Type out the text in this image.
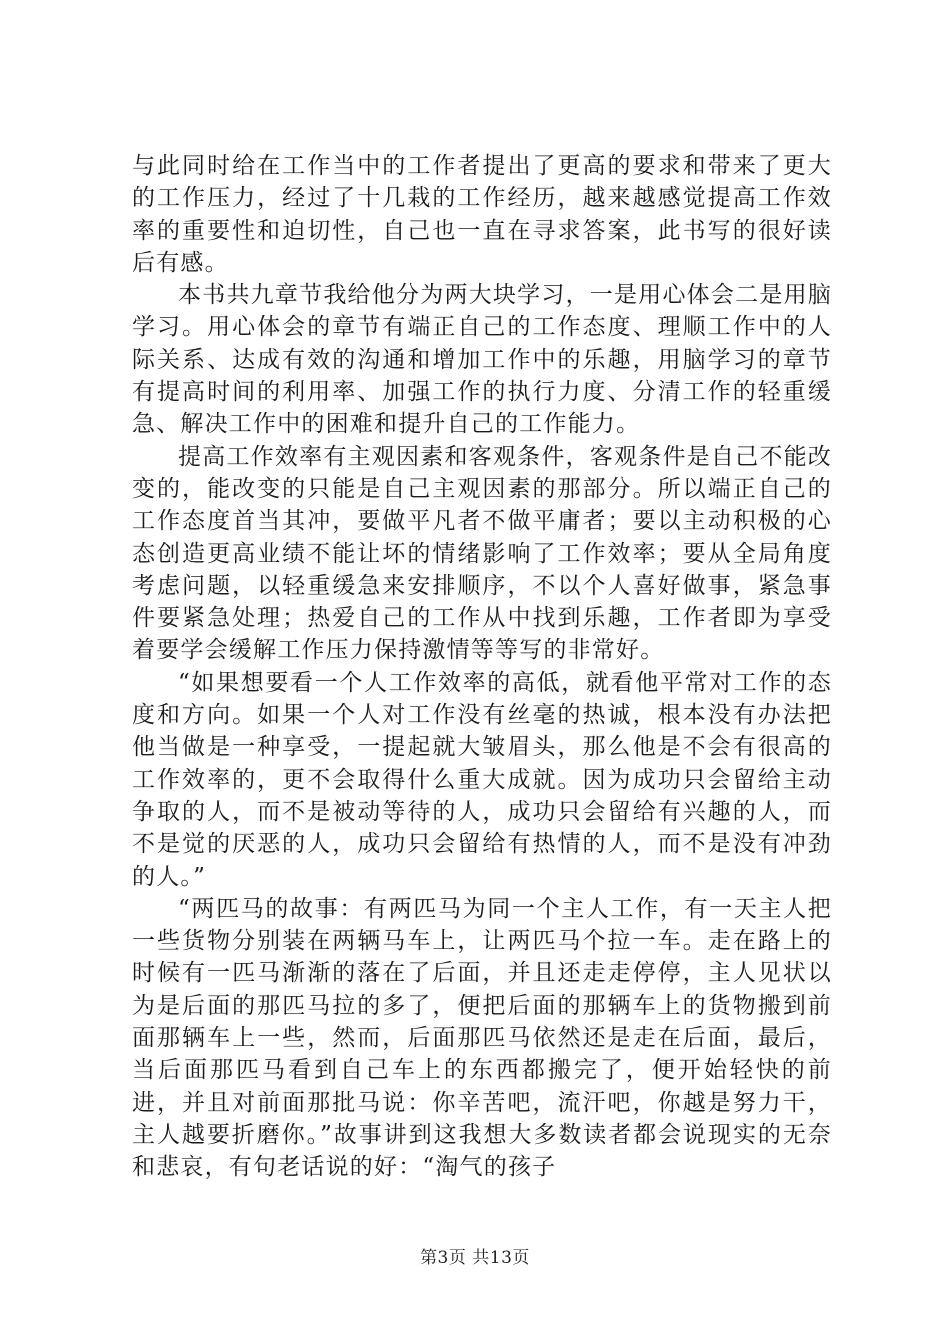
与此同时给在工作当中的工作者提出了更高的要求和带来了更大的工作压力，经过了十几栽的工作经历，越来越感觉提高工作效率的重要性和迫切性，自己也一直在寻求答案，此书写的很好读后有感。

本书共九章节我给他分为两大块学习，一是用心体会二是用脑学习。用心体会的章节有端正自己的工作态度、理顺工作中的人际关系、达成有效的沟通和增加工作中的乐趣，用脑学习的章节有提高时间的利用率、加强工作的执行力度、分清工作的轻重缓急、解决工作中的困难和提升自己的工作能力。

提高工作效率有主观因素和客观条件，客观条件是自己不能改变的，能改变的只能是自己主观因素的那部分。所以端正自己的工作态度首当其冲，要做平凡者不做平庸者；要以主动积极的心态创造更高业绩不能让坏的情绪影响了工作效率；要从全局角度考虑问题，以轻重缓急来安排顺序，不以个人喜好做事，紧急事件要紧急处理；热爱自己的工作从中找到乐趣，工作者即为享受着要学会缓解工作压力保持激情等等写的非常好。

“如果想要看一个人工作效率的高低，就看他平常对工作的态度和方向。如果一个人对工作没有丝毫的热诚，根本没有办法把他当做是一种享受，一提起就大皱眉头，那么他是不会有很高的工作效率的，更不会取得什么重大成就。因为成功只会留给主动争取的人，而不是被动等待的人，成功只会留给有兴趣的人，而不是觉的厌恶的人，成功只会留给有热情的人，而不是没有冲劲的人。”

“两匹马的故事：有两匹马为同一个主人工作，有一天主人把一些货物分别装在两辆马车上，让两匹马个拉一车。走在路上的时候有一匹马渐渐的落在了后面，并且还走走停停，主人见状以为是后面的那匹马拉的多了，便把后面的那辆车上的货物搬到前面那辆车上一些，然而，后面那匹马依然还是走在后面，最后，当后面那匹马看到自己车上的东西都搬完了，便开始轻快的前进，并且对前面那批马说：你辛苦吧，流汗吧，你越是努力干，主人越要折磨你。”故事讲到这我想大多数读者都会说现实的无奈和悲哀，有句老话说的好：“淘气的孩子

第3页 共13页
